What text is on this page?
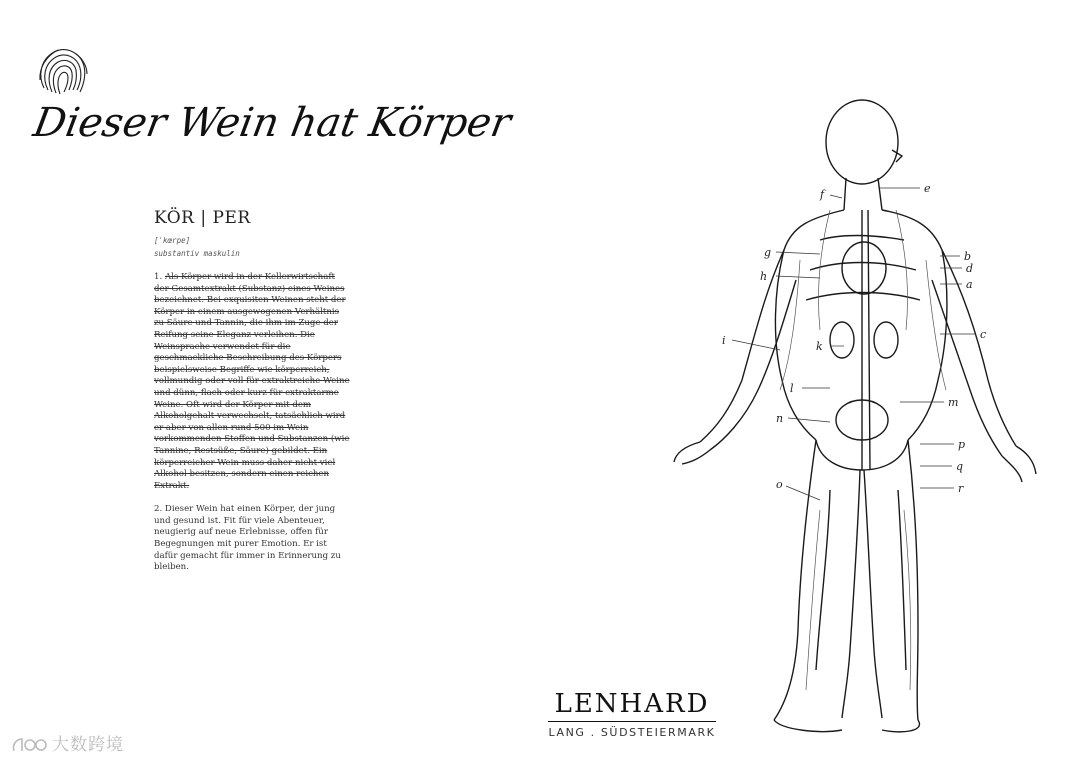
Dieser Wein hat Körper
KÖR | PER
[ˈkœrpɐ]
substantiv maskulin

1. Als Körper wird in der Kellerwirtschaft der Gesamtextrakt (Substanz) eines Weines bezeichnet. Bei exquisiten Weinen steht der Körper in einem ausgewogenen Verhältnis zu Säure und Tannin, die ihm im Zuge der Reifung seine Eleganz verleihen. Die Weinsprache verwendet für die geschmackliche Beschreibung des Körpers beispielsweise Begriffe wie körperreich, vollmundig oder voll für extraktreiche Weine und dünn, flach oder kurz für extraktarme Weine. Oft wird der Körper mit dem Alkoholgehalt verwechselt, tatsächlich wird er aber von allen rund 500 im Wein vorkommenden Stoffen und Substanzen (wie Tannine, Restsüße, Säure) gebildet. Ein körperreicher Wein muss daher nicht viel Alkohol besitzen, sondern einen reichen Extrakt.

2. Dieser Wein hat einen Körper, der jung und gesund ist. Fit für viele Abenteuer, neugierig auf neue Erlebnisse, offen für Begegnungen mit purer Emotion. Er ist dafür gemacht für immer in Erinnerung zu bleiben.

e
f
g
h
b
d
a
i	k
c
l
m
n
p
q
o	r
LENHARD
LANG . SÜDSTEIERMARK
大数跨境
